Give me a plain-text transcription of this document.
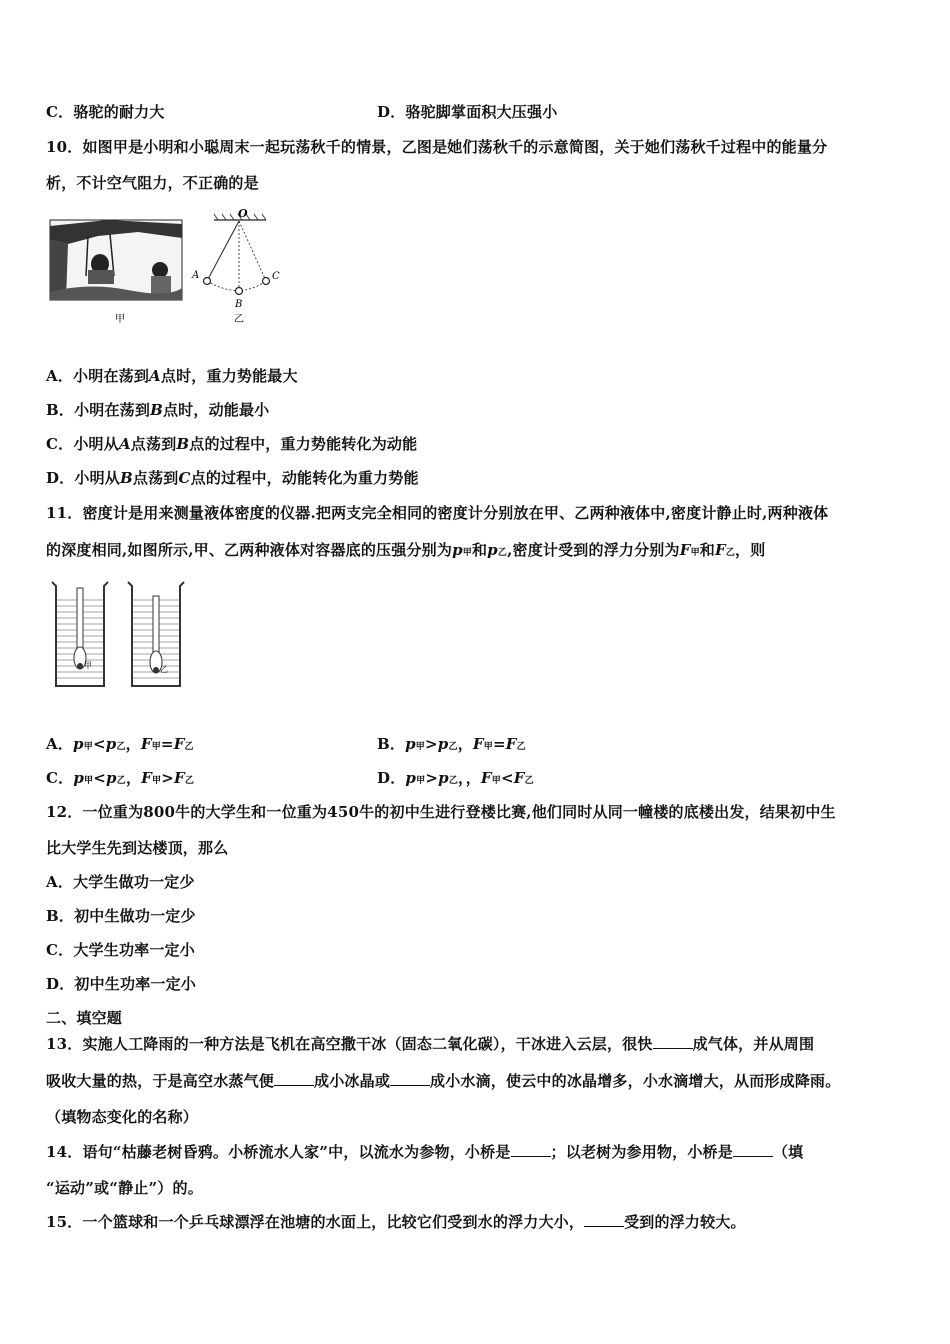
C．骆驼的耐力大	D．骆驼脚掌面积大压强小
10．如图甲是小明和小聪周末一起玩荡秋千的情景，乙图是她们荡秋千的示意简图，关于她们荡秋千过程中的能量分
析，不计空气阻力，不正确的是
甲
O
A
B
C
乙
A．小明在荡到A点时，重力势能最大
B．小明在荡到B点时，动能最小
C．小明从A点荡到B点的过程中，重力势能转化为动能
D．小明从B点荡到C点的过程中，动能转化为重力势能
11．密度计是用来测量液体密度的仪器.把两支完全相同的密度计分别放在甲、乙两种液体中,密度计静止时,两种液体
的深度相同,如图所示,甲、乙两种液体对容器底的压强分别为p甲和p乙,密度计受到的浮力分别为F甲和F乙，则
甲	乙
A．p甲<p乙，F甲=F乙	B．p甲>p乙，F甲=F乙
C．p甲<p乙，F甲>F乙	D．p甲>p乙，，F甲<F乙
12．一位重为800牛的大学生和一位重为450牛的初中生进行登楼比赛,他们同时从同一幢楼的底楼出发，结果初中生
比大学生先到达楼顶，那么
A．大学生做功一定少
B．初中生做功一定少
C．大学生功率一定小
D．初中生功率一定小
二、填空题
13．实施人工降雨的一种方法是飞机在高空撒干冰（固态二氧化碳），干冰进入云层，很快	成气体，并从周围
吸收大量的热，于是高空水蒸气便	成小冰晶或	成小水滴，使云中的冰晶增多，小水滴增大，从而形成降雨。
（填物态变化的名称）
14．语句“枯藤老树昏鸦。小桥流水人家”中，以流水为参物，小桥是	；以老树为参用物，小桥是	（填
“运动”或“静止”）的。
15．一个篮球和一个乒乓球漂浮在池塘的水面上，比较它们受到水的浮力大小，	受到的浮力较大。
